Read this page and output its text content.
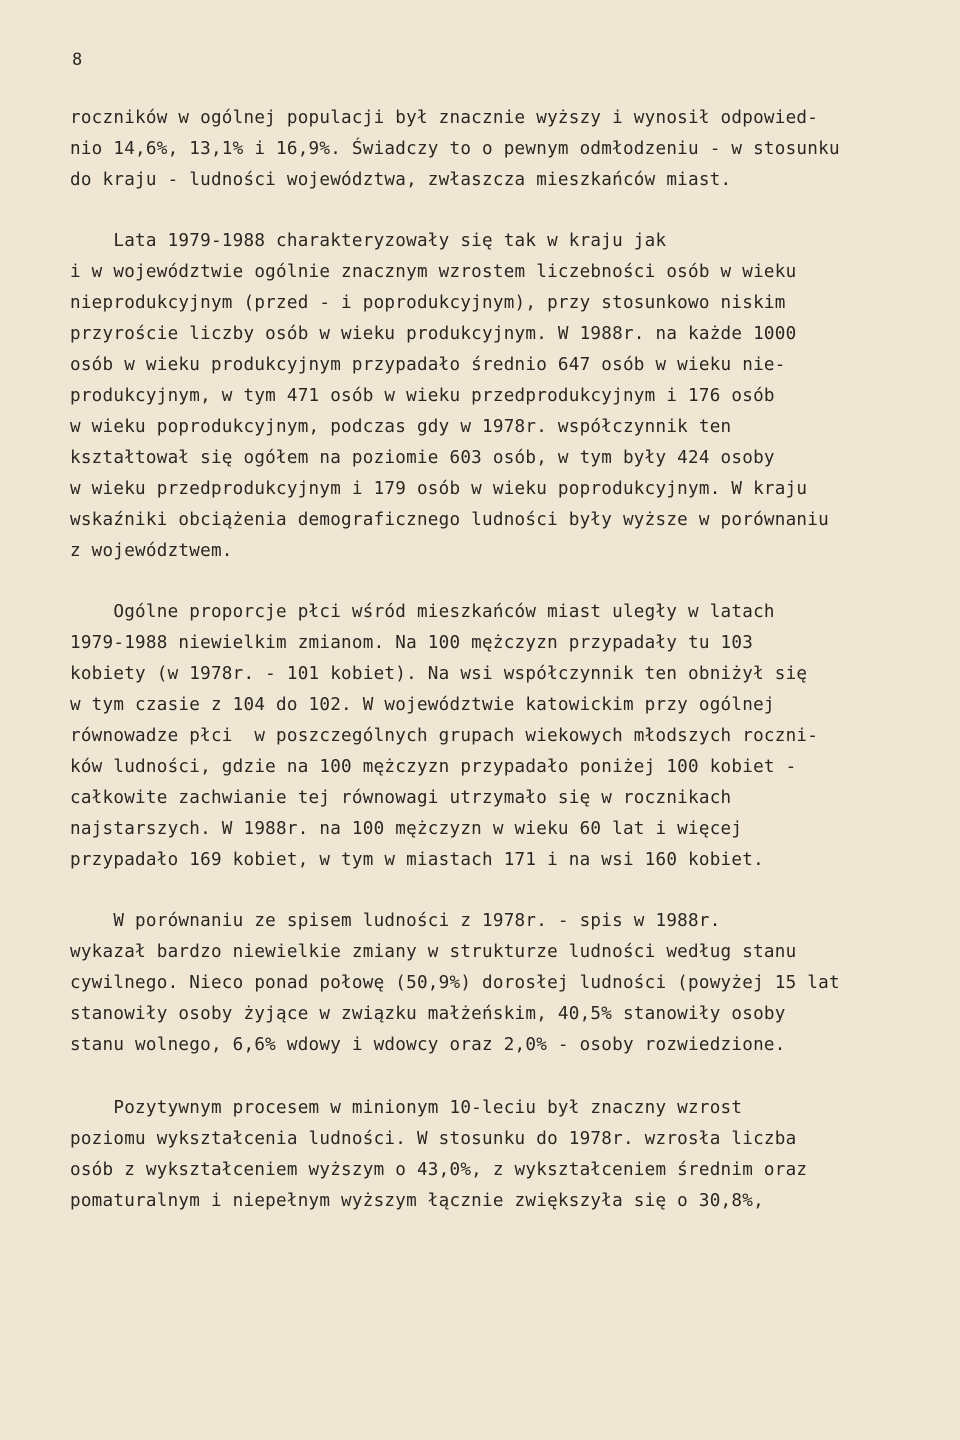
8
roczników w ogólnej populacji był znacznie wyższy i wynosił odpowied-
nio 14,6%, 13,1% i 16,9%. Świadczy to o pewnym odmłodzeniu - w stosunku
do kraju - ludności województwa, zwłaszcza mieszkańców miast.
Lata 1979-1988 charakteryzowały się tak w kraju jak
i w województwie ogólnie znacznym wzrostem liczebności osób w wieku
nieprodukcyjnym (przed - i poprodukcyjnym), przy stosunkowo niskim
przyroście liczby osób w wieku produkcyjnym. W 1988r. na każde 1000
osób w wieku produkcyjnym przypadało średnio 647 osób w wieku nie-
produkcyjnym, w tym 471 osób w wieku przedprodukcyjnym i 176 osób
w wieku poprodukcyjnym, podczas gdy w 1978r. współczynnik ten
kształtował się ogółem na poziomie 603 osób, w tym były 424 osoby
w wieku przedprodukcyjnym i 179 osób w wieku poprodukcyjnym. W kraju
wskaźniki obciążenia demograficznego ludności były wyższe w porównaniu
z województwem.
Ogólne proporcje płci wśród mieszkańców miast uległy w latach
1979-1988 niewielkim zmianom. Na 100 mężczyzn przypadały tu 103
kobiety (w 1978r. - 101 kobiet). Na wsi współczynnik ten obniżył się
w tym czasie z 104 do 102. W województwie katowickim przy ogólnej
równowadze płci  w poszczególnych grupach wiekowych młodszych roczni-
ków ludności, gdzie na 100 mężczyzn przypadało poniżej 100 kobiet -
całkowite zachwianie tej równowagi utrzymało się w rocznikach
najstarszych. W 1988r. na 100 mężczyzn w wieku 60 lat i więcej
przypadało 169 kobiet, w tym w miastach 171 i na wsi 160 kobiet.
W porównaniu ze spisem ludności z 1978r. - spis w 1988r.
wykazał bardzo niewielkie zmiany w strukturze ludności według stanu
cywilnego. Nieco ponad połowę (50,9%) dorosłej ludności (powyżej 15 lat
stanowiły osoby żyjące w związku małżeńskim, 40,5% stanowiły osoby
stanu wolnego, 6,6% wdowy i wdowcy oraz 2,0% - osoby rozwiedzione.
Pozytywnym procesem w minionym 10-leciu był znaczny wzrost
poziomu wykształcenia ludności. W stosunku do 1978r. wzrosła liczba
osób z wykształceniem wyższym o 43,0%, z wykształceniem średnim oraz
pomaturalnym i niepełnym wyższym łącznie zwiększyła się o 30,8%,
